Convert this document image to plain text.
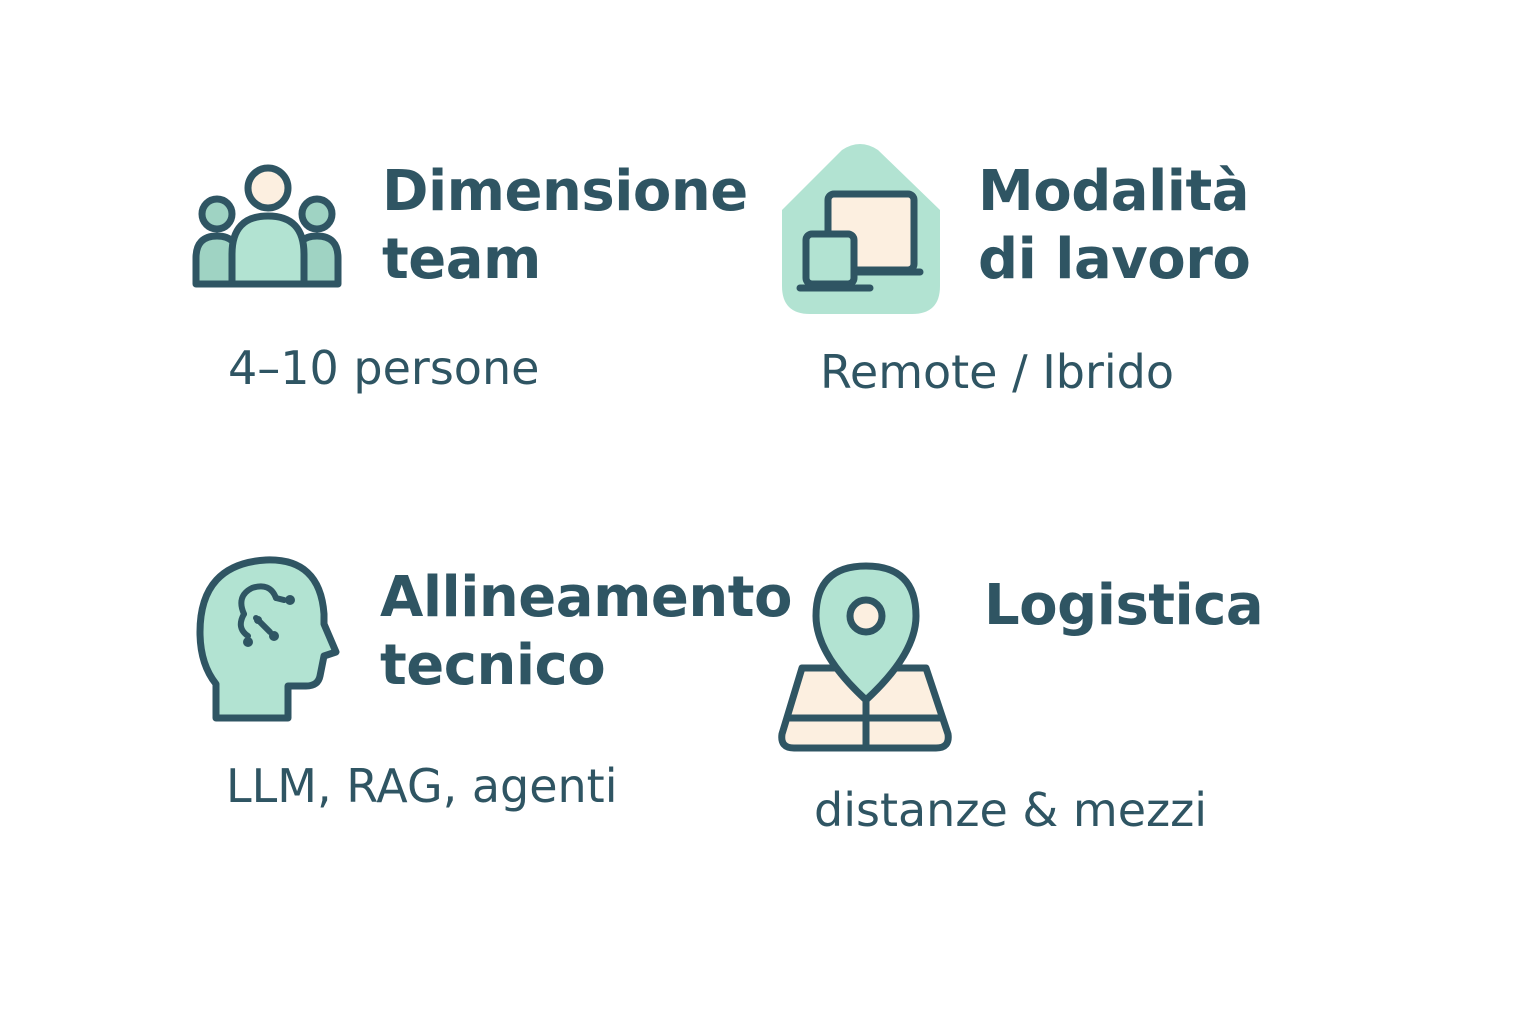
Dimensione
team

4–10 persone

Modalità
di lavoro

Remote / Ibrido

Allineamento
tecnico

LLM, RAG, agenti

Logistica

distanze & mezzi
